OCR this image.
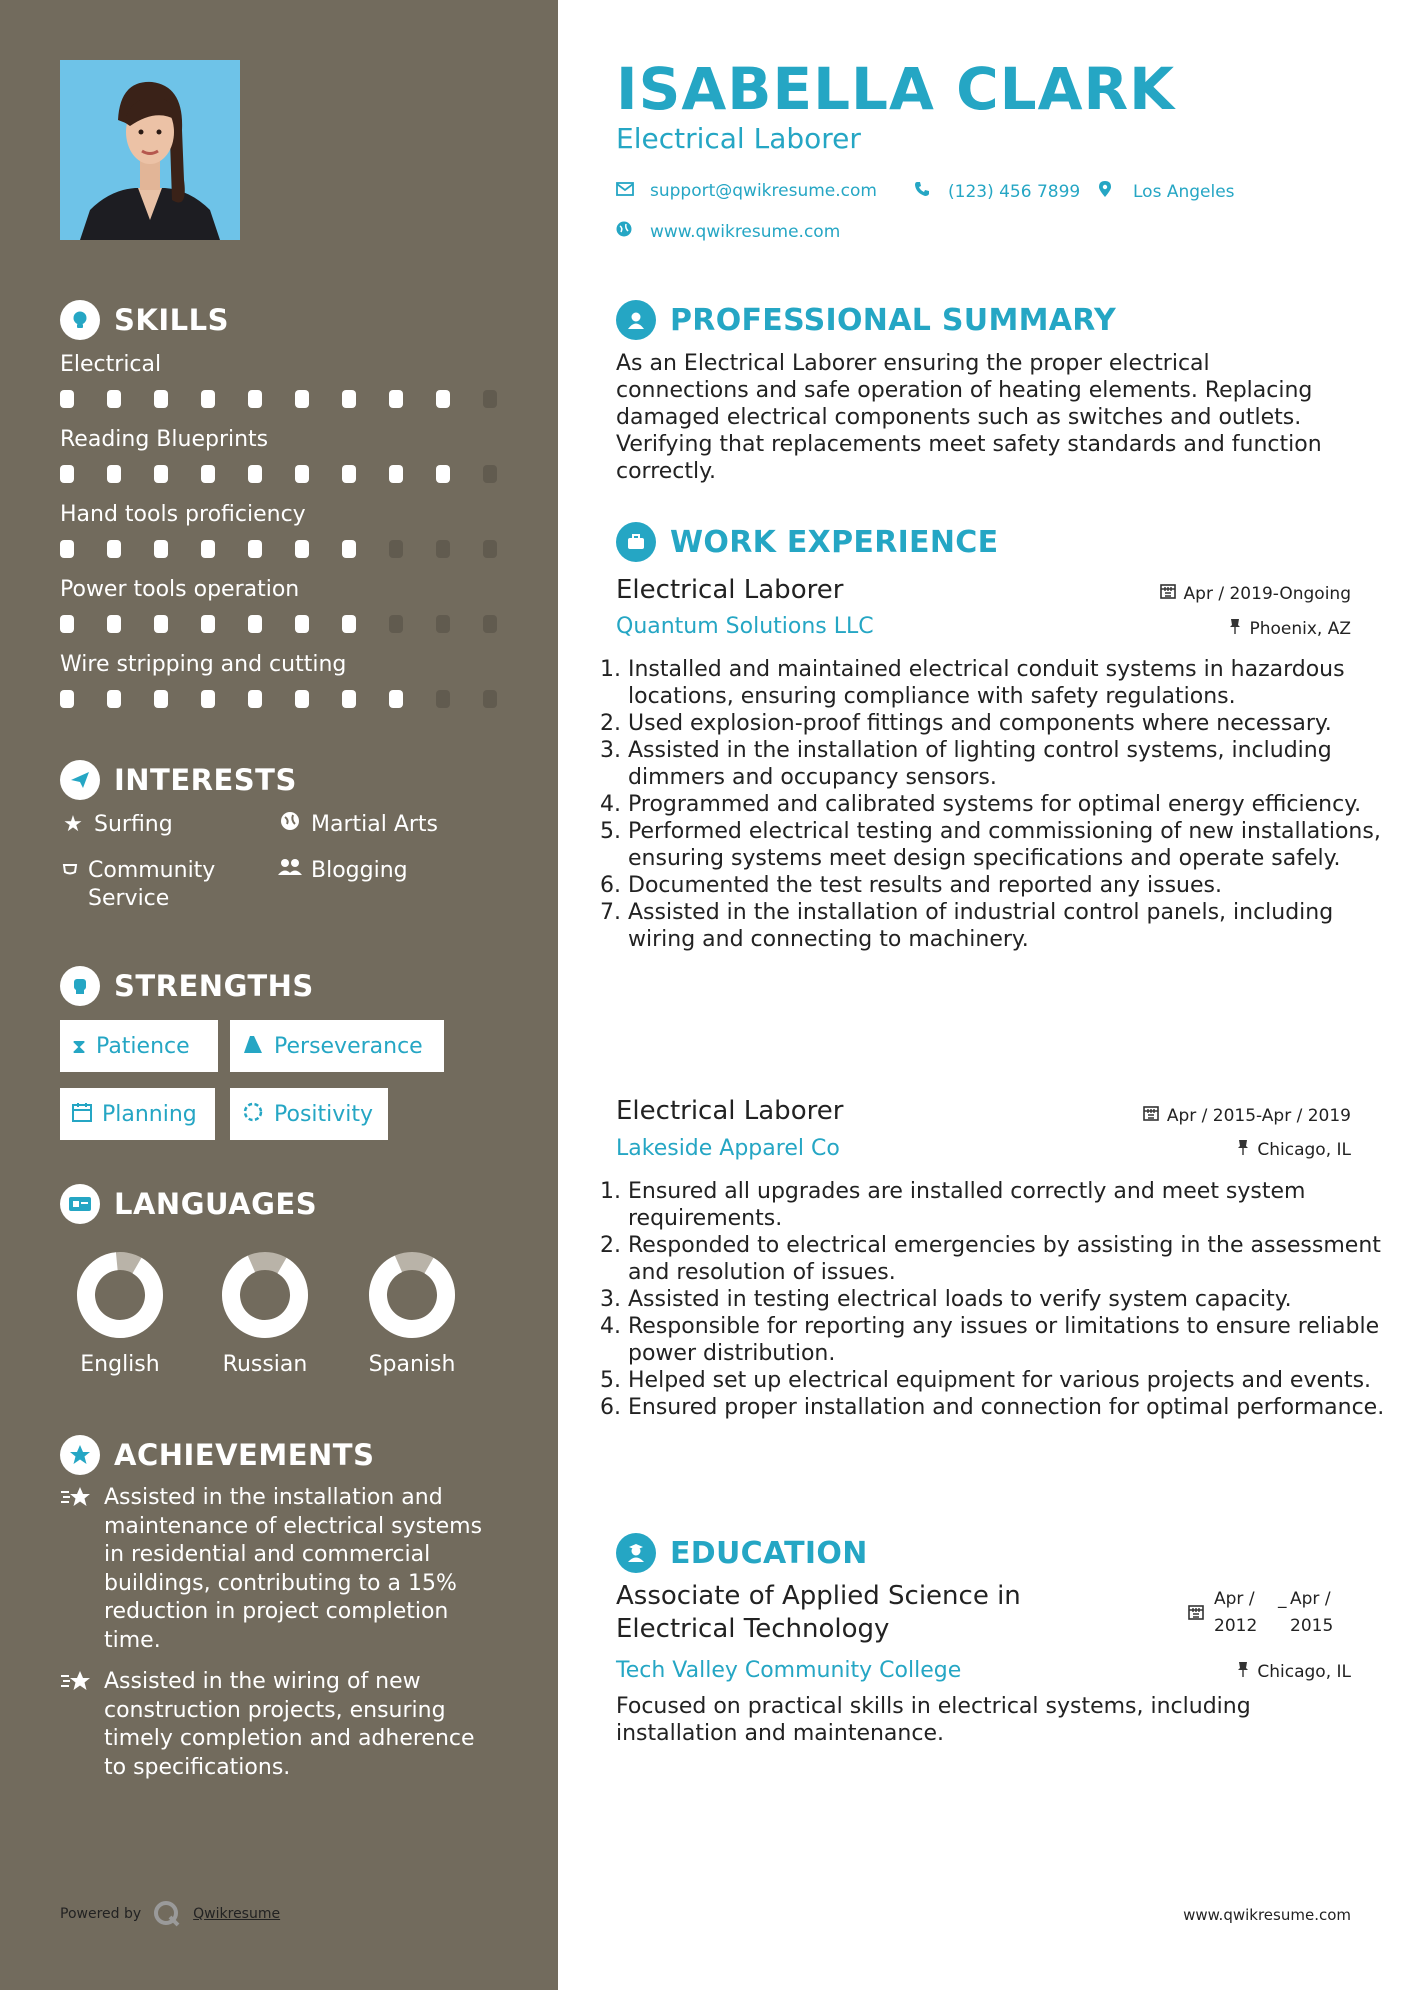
SKILLS
Electrical
Reading Blueprints
Hand tools proficiency
Power tools operation
Wire stripping and cutting
INTERESTS
★ Surfing	Martial Arts
Community Service
Blogging
STRENGTHS
⧗ Patience	Perseverance
Planning	Positivity
LANGUAGES
English	Russian	Spanish
ACHIEVEMENTS
Assisted in the installation and maintenance of electrical systems in residential and commercial buildings, contributing to a 15% reduction in project completion time.
Assisted in the wiring of new construction projects, ensuring timely completion and adherence to specifications.
Powered by	Qwikresume
ISABELLA CLARK
Electrical Laborer
support@qwikresume.com	(123) 456 7899	Los Angeles
www.qwikresume.com
PROFESSIONAL SUMMARY
As an Electrical Laborer ensuring the proper electrical connections and safe operation of heating elements. Replacing damaged electrical components such as switches and outlets. Verifying that replacements meet safety standards and function correctly.
WORK EXPERIENCE
Electrical Laborer	Apr / 2019-Ongoing
Quantum Solutions LLC	Phoenix, AZ
1. Installed and maintained electrical conduit systems in hazardous locations, ensuring compliance with safety regulations.
2. Used explosion-proof fittings and components where necessary.
3. Assisted in the installation of lighting control systems, including dimmers and occupancy sensors.
4. Programmed and calibrated systems for optimal energy efficiency.
5. Performed electrical testing and commissioning of new installations, ensuring systems meet design specifications and operate safely.
6. Documented the test results and reported any issues.
7. Assisted in the installation of industrial control panels, including wiring and connecting to machinery.
Electrical Laborer	Apr / 2015-Apr / 2019
Lakeside Apparel Co	Chicago, IL
1. Ensured all upgrades are installed correctly and meet system requirements.
2. Responded to electrical emergencies by assisting in the assessment and resolution of issues.
3. Assisted in testing electrical loads to verify system capacity.
4. Responsible for reporting any issues or limitations to ensure reliable power distribution.
5. Helped set up electrical equipment for various projects and events.
6. Ensured proper installation and connection for optimal performance.
EDUCATION
Associate of Applied Science in Electrical Technology
Apr /
2012
_ Apr /
2015
Tech Valley Community College	Chicago, IL
Focused on practical skills in electrical systems, including installation and maintenance.
www.qwikresume.com
